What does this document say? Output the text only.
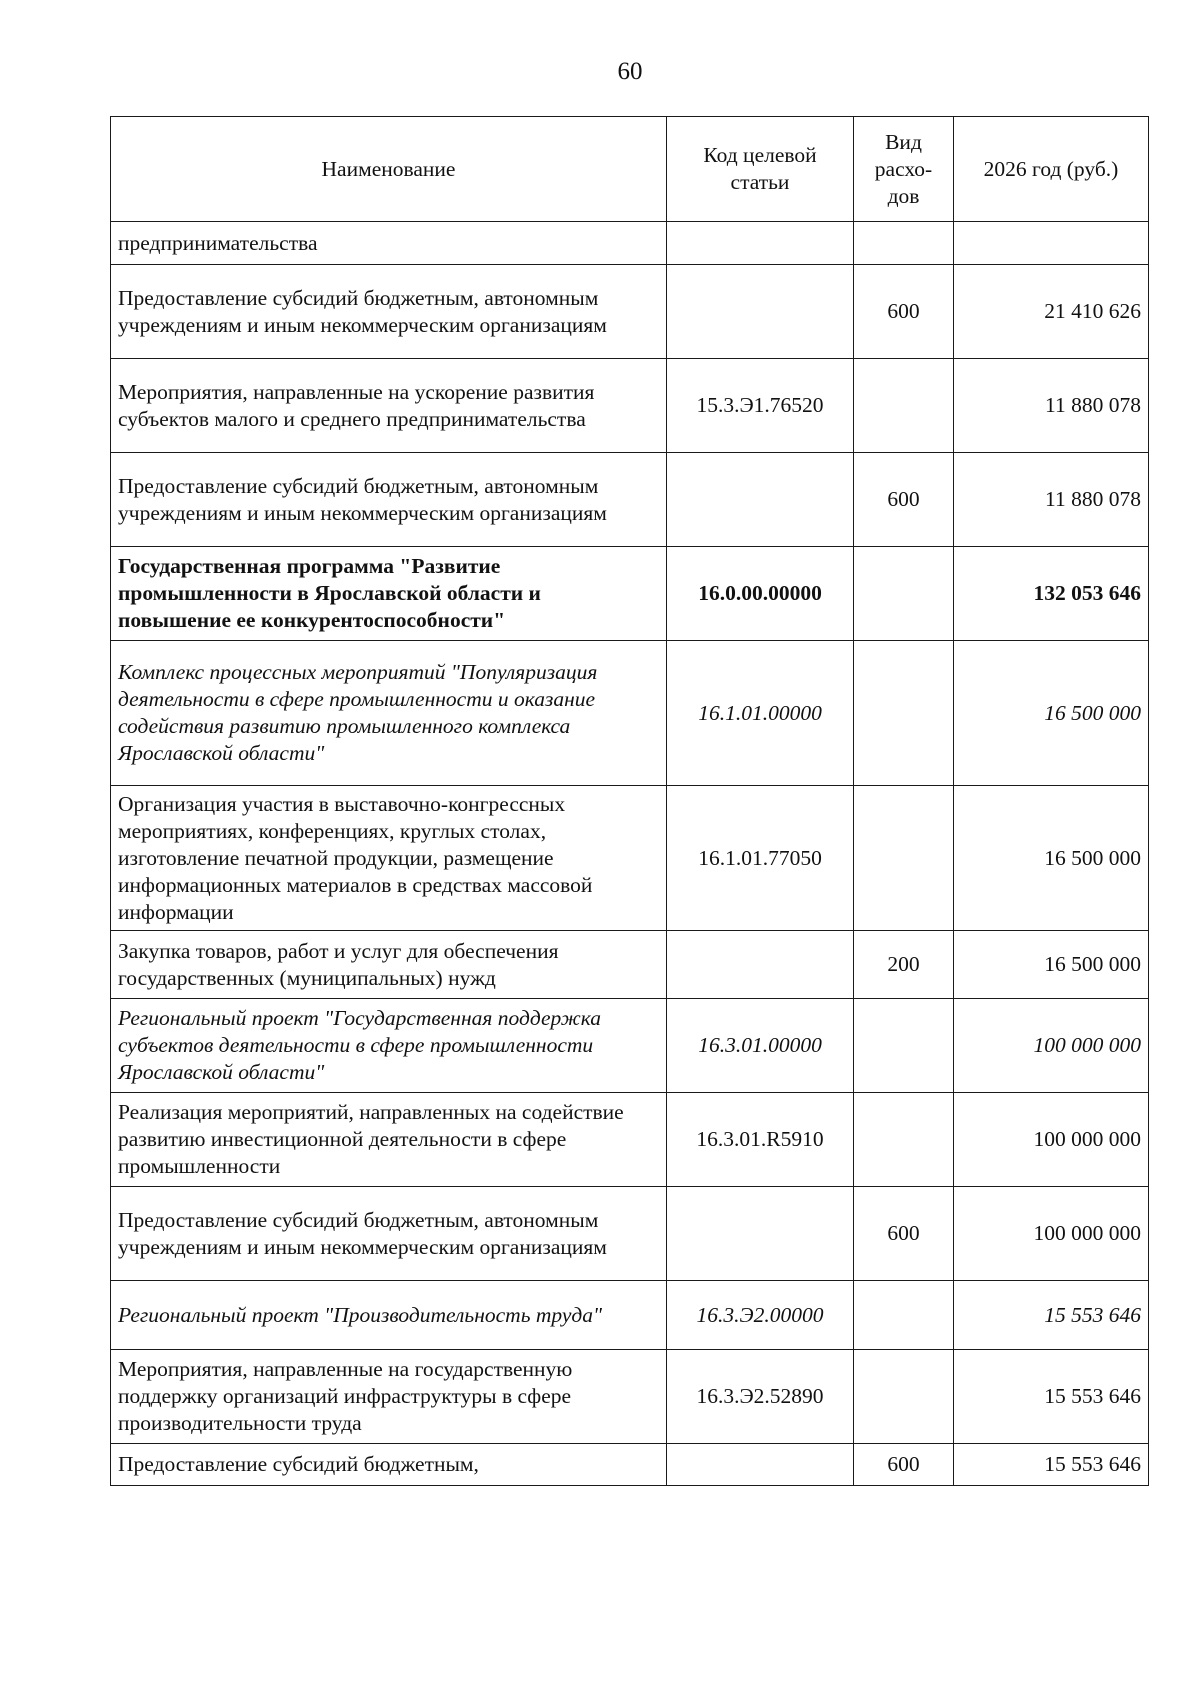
60
Наименование	Код целевой статьи	Вид расхо-дов	2026 год (руб.)
предпринимательства			
Предоставление субсидий бюджетным, автономным учреждениям и иным некоммерческим организациям		600	21 410 626
Мероприятия, направленные на ускорение развития субъектов малого и среднего предпринимательства	15.3.Э1.76520		11 880 078
Предоставление субсидий бюджетным, автономным учреждениям и иным некоммерческим организациям		600	11 880 078
Государственная программа "Развитие промышленности в Ярославской области и повышение ее конкурентоспособности"	16.0.00.00000		132 053 646
Комплекс процессных мероприятий "Популяризация деятельности в сфере промышленности и оказание содействия развитию промышленного комплекса Ярославской области"	16.1.01.00000		16 500 000
Организация участия в выставочно-конгрессных мероприятиях, конференциях, круглых столах, изготовление печатной продукции, размещение информационных материалов в средствах массовой информации	16.1.01.77050		16 500 000
Закупка товаров, работ и услуг для обеспечения государственных (муниципальных) нужд		200	16 500 000
Региональный проект "Государственная поддержка субъектов деятельности в сфере промышленности Ярославской области"	16.3.01.00000		100 000 000
Реализация мероприятий, направленных на содействие развитию инвестиционной деятельности в сфере промышленности	16.3.01.R5910		100 000 000
Предоставление субсидий бюджетным, автономным учреждениям и иным некоммерческим организациям		600	100 000 000
Региональный проект "Производительность труда"	16.3.Э2.00000		15 553 646
Мероприятия, направленные на государственную поддержку организаций инфраструктуры в сфере производительности труда	16.3.Э2.52890		15 553 646
Предоставление субсидий бюджетным,		600	15 553 646
